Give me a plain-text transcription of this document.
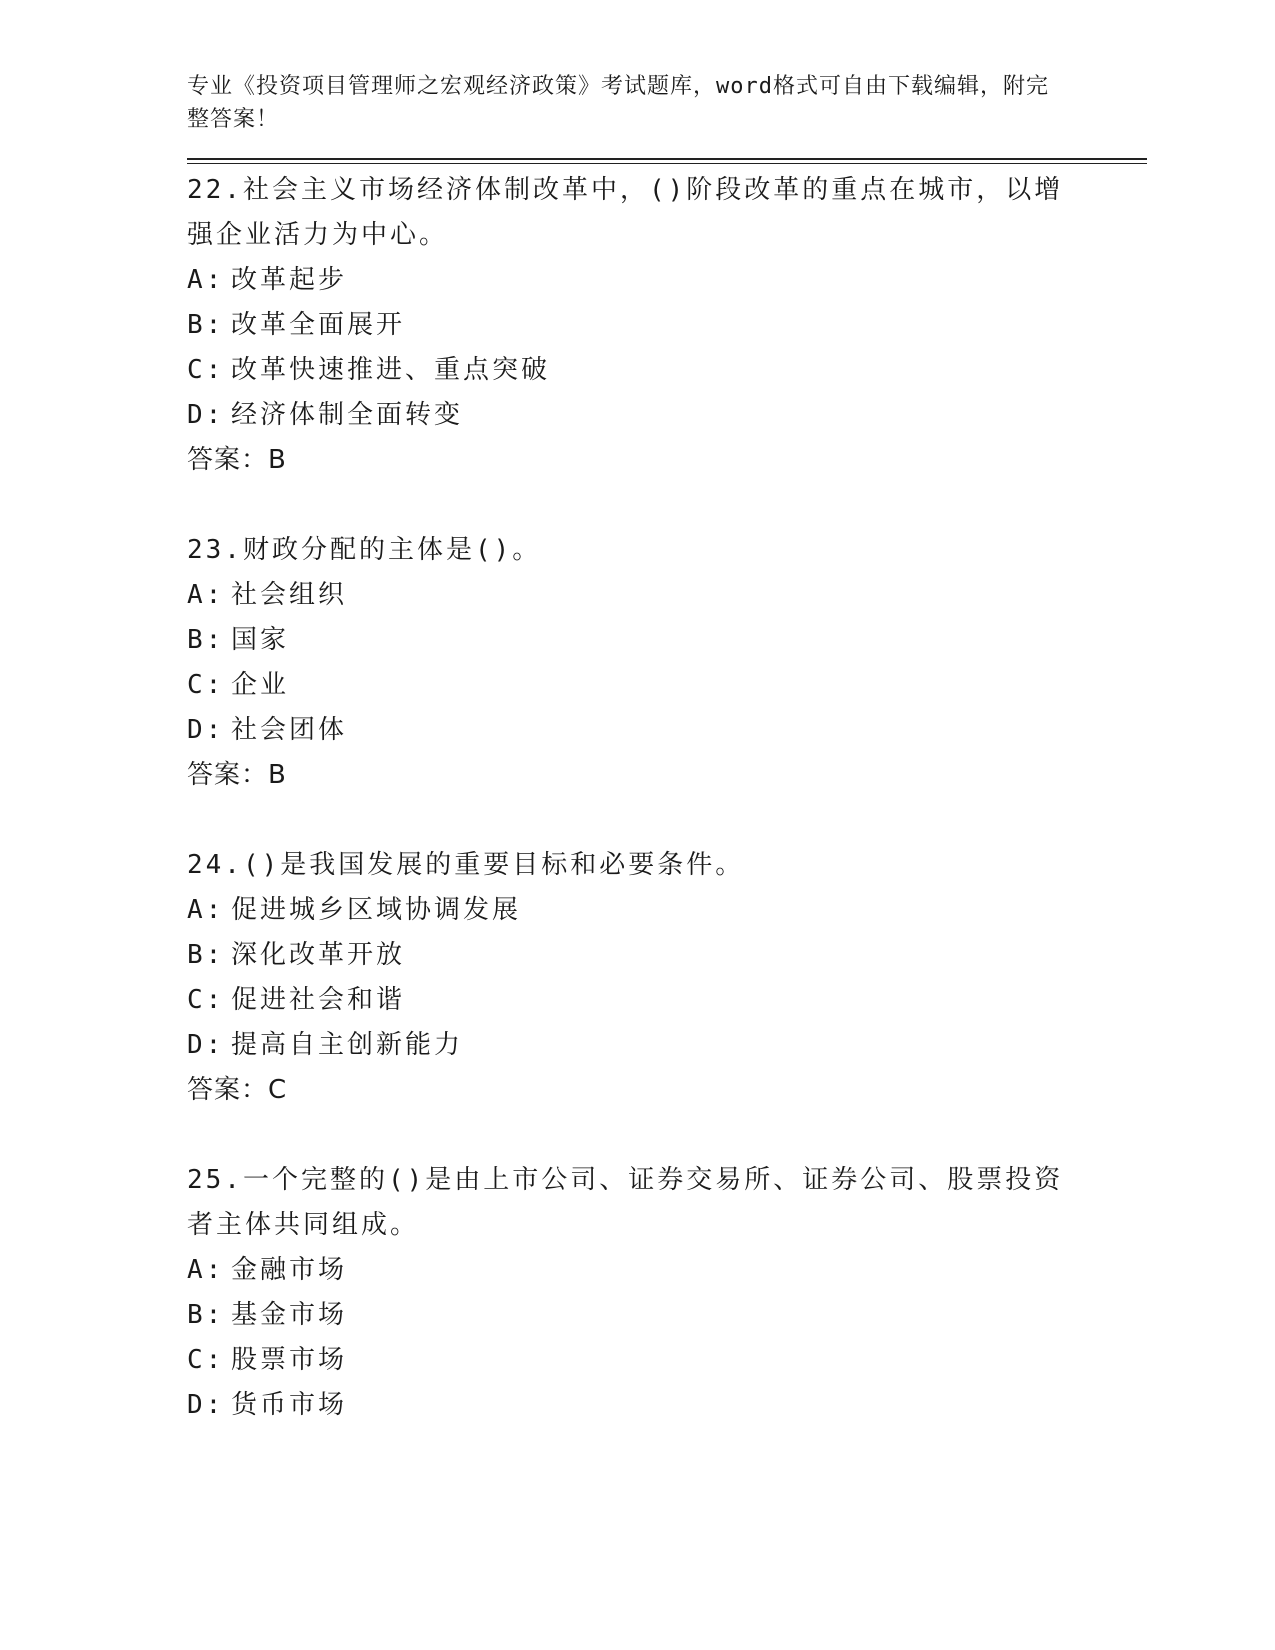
专业《投资项目管理师之宏观经济政策》考试题库，word格式可自由下载编辑，附完整答案！
22.社会主义市场经济体制改革中，()阶段改革的重点在城市，以增强企业活力为中心。
A: 改革起步
B: 改革全面展开
C: 改革快速推进、重点突破
D: 经济体制全面转变
答案：B
23.财政分配的主体是()。
A: 社会组织
B: 国家
C: 企业
D: 社会团体
答案：B
24.()是我国发展的重要目标和必要条件。
A: 促进城乡区域协调发展
B: 深化改革开放
C: 促进社会和谐
D: 提高自主创新能力
答案：C
25.一个完整的()是由上市公司、证券交易所、证券公司、股票投资者主体共同组成。
A: 金融市场
B: 基金市场
C: 股票市场
D: 货币市场
